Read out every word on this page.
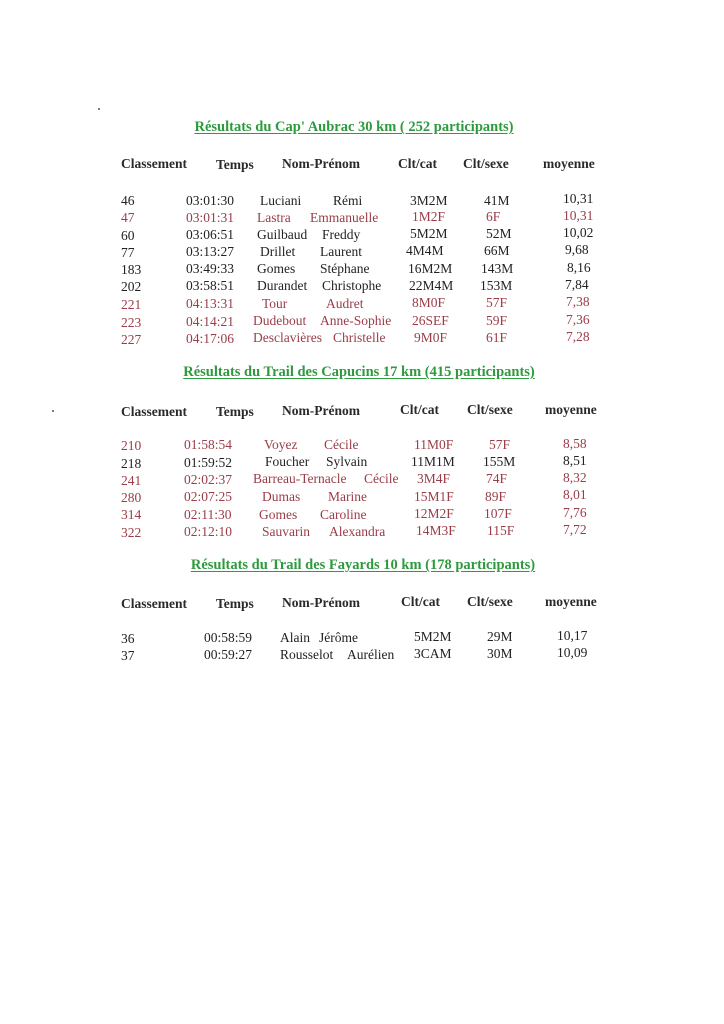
Résultats du Cap' Aubrac 30 km ( 252 participants)
Classement Temps Nom-Prénom	Clt/cat Clt/sexe	moyenne
46	03:01:30 Luciani Rémi	3M2M	41M	10,31
47	03:01:31 Lastra Emmanuelle	1M2F	6F	10,31
60	03:06:51 Guilbaud Freddy	5M2M	52M	10,02
77	03:13:27 Drillet Laurent	4M4M	66M	9,68
183	03:49:33 Gomes Stéphane	16M2M 143M	8,16
202	03:58:51 Durandet Christophe 22M4M 153M	7,84
221	04:13:31 Tour	Audret	8M0F	57F	7,38
223	04:14:21 Dudebout Anne-Sophie 26SEF	59F	7,36
227	04:17:06 Desclavières Christelle 9M0F	61F	7,28
Résultats du Trail des Capucins 17 km (415 participants)
Classement Temps Nom-Prénom	Clt/cat Clt/sexe moyenne
210	01:58:54 Voyez Cécile	11M0F	57F	8,58
218	01:59:52 Foucher Sylvain	11M1M 155M	8,51
241	02:02:37 Barreau-Ternacle Cécile 3M4F	74F	8,32
280	02:07:25 Dumas Marine	15M1F 89F	8,01
314	02:11:30 Gomes Caroline	12M2F 107F	7,76
322	02:12:10 Sauvarin Alexandra 14M3F 115F	7,72
Résultats du Trail des Fayards 10 km (178 participants)
Classement Temps Nom-Prénom	Clt/cat Clt/sexe moyenne
36	00:58:59 Alain Jérôme	5M2M	29M	10,17
37	00:59:27 Rousselot Aurélien 3CAM	30M	10,09
